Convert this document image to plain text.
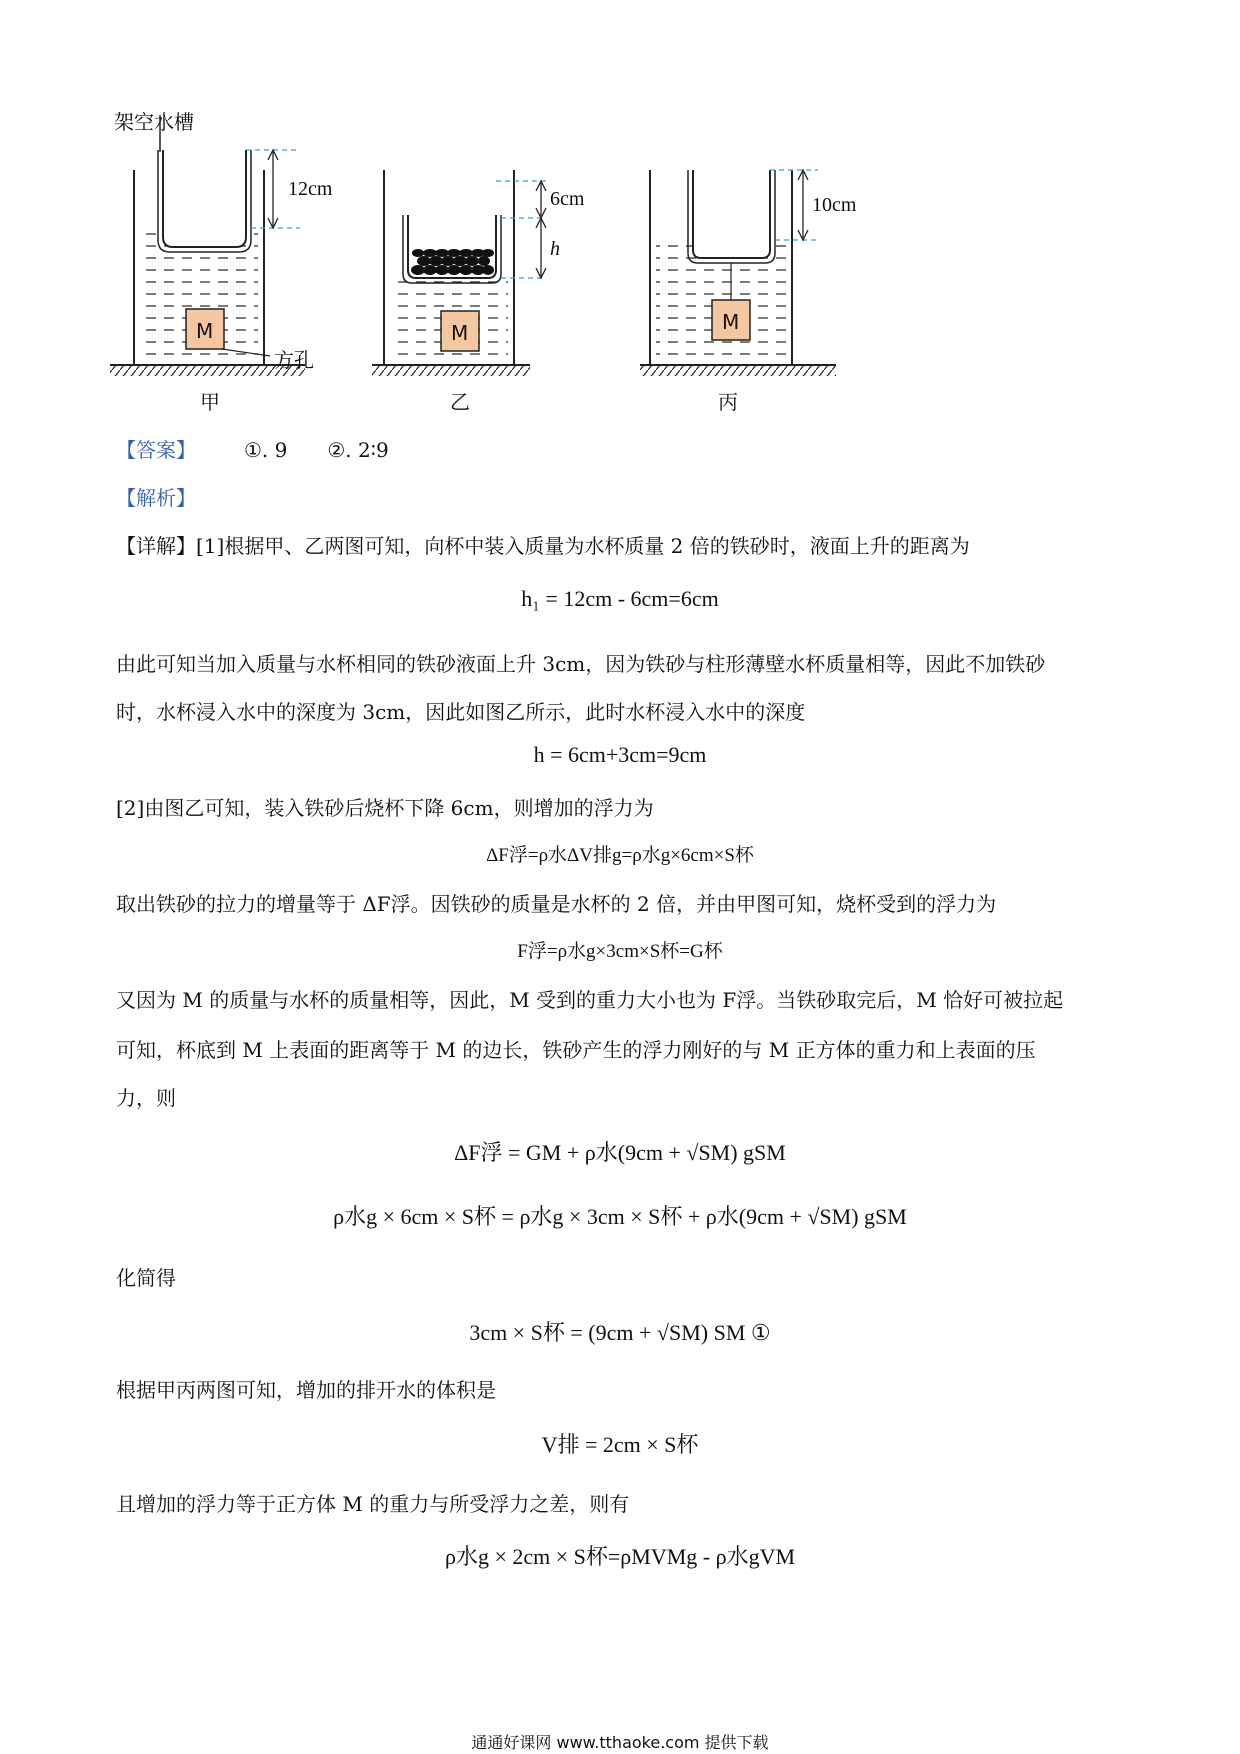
架空水槽
12cm
M
方孔
甲
6cm
h
M
乙
10cm
M
丙
【答案】 ①. 9　　②. 2∶9
【解析】
【详解】[1]根据甲、乙两图可知，向杯中装入质量为水杯质量 2 倍的铁砂时，液面上升的距离为
h₁ = 12cm - 6cm=6cm
由此可知当加入质量与水杯相同的铁砂液面上升 3cm，因为铁砂与柱形薄壁水杯质量相等，因此不加铁砂
时，水杯浸入水中的深度为 3cm，因此如图乙所示，此时水杯浸入水中的深度
h = 6cm+3cm=9cm
[2]由图乙可知，装入铁砂后烧杯下降 6cm，则增加的浮力为
ΔF浮=ρ水ΔV排g=ρ水g×6cm×S杯
取出铁砂的拉力的增量等于 ΔF浮。因铁砂的质量是水杯的 2 倍，并由甲图可知，烧杯受到的浮力为
F浮=ρ水g×3cm×S杯=G杯
又因为 M 的质量与水杯的质量相等，因此，M 受到的重力大小也为 F浮。当铁砂取完后，M 恰好可被拉起
可知，杯底到 M 上表面的距离等于 M 的边长，铁砂产生的浮力刚好的与 M 正方体的重力和上表面的压
力，则
ΔF浮 = GM + ρ水(9cm + √SM) gSM
ρ水g × 6cm × S杯 = ρ水g × 3cm × S杯 + ρ水(9cm + √SM) gSM
化简得
3cm × S杯 = (9cm + √SM) SM ①
根据甲丙两图可知，增加的排开水的体积是
V排 = 2cm × S杯
且增加的浮力等于正方体 M 的重力与所受浮力之差，则有
ρ水g × 2cm × S杯=ρMVMg - ρ水gVM
通通好课网 www.tthaoke.com 提供下载
